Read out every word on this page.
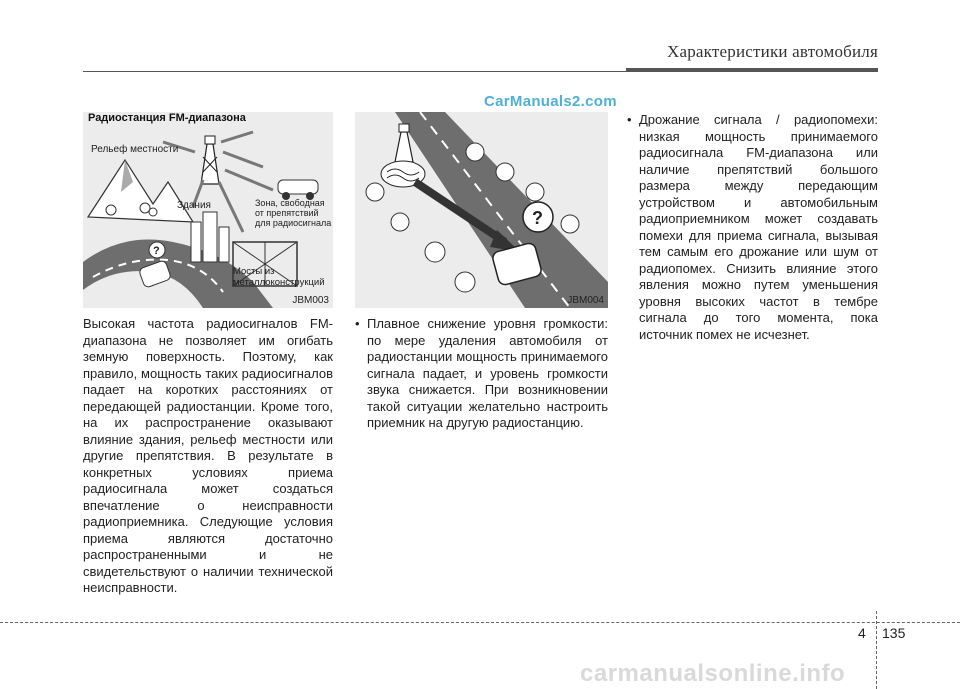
Характеристики автомобиля
CarManuals2.com
?
Рельеф местности
Здания	Зона, свободная
от препятствий
для радиосигнала
Мосты из
металлоконструкций
JBM003
Радиостанция FM-диапазона
?
JBM004

Высокая частота радиосигналов FM-диапазона не позволяет им огибать земную поверхность. Поэтому, как правило, мощность таких радиосигналов падает на коротких расстояниях от передающей радиостанции. Кроме того, на их распространение оказывают влияние здания, рельеф местности или другие препятствия. В результате в конкретных условиях приема радиосигнала может создаться впечатление о неисправности радиоприемника. Следующие условия приема являются достаточно распространенными и не свидетельствуют о наличии технической неисправности.

• Плавное снижение уровня громкости: по мере удаления автомобиля от радиостанции мощность принимаемого сигнала падает, и уровень громкости звука снижается. При возникновении такой ситуации желательно настроить приемник на другую радиостанцию.
• Дрожание сигнала / радиопомехи: низкая мощность принимаемого радиосигнала FM-диапазона или наличие препятствий большого размера между передающим устройством и автомобильным радиоприемником может создавать помехи для приема сигнала, вызывая тем самым его дрожание или шум от радиопомех. Снизить влияние этого явления можно путем уменьшения уровня высоких частот в тембре сигнала до того момента, пока источник помех не исчезнет.
4 135
carmanualsonline.info
